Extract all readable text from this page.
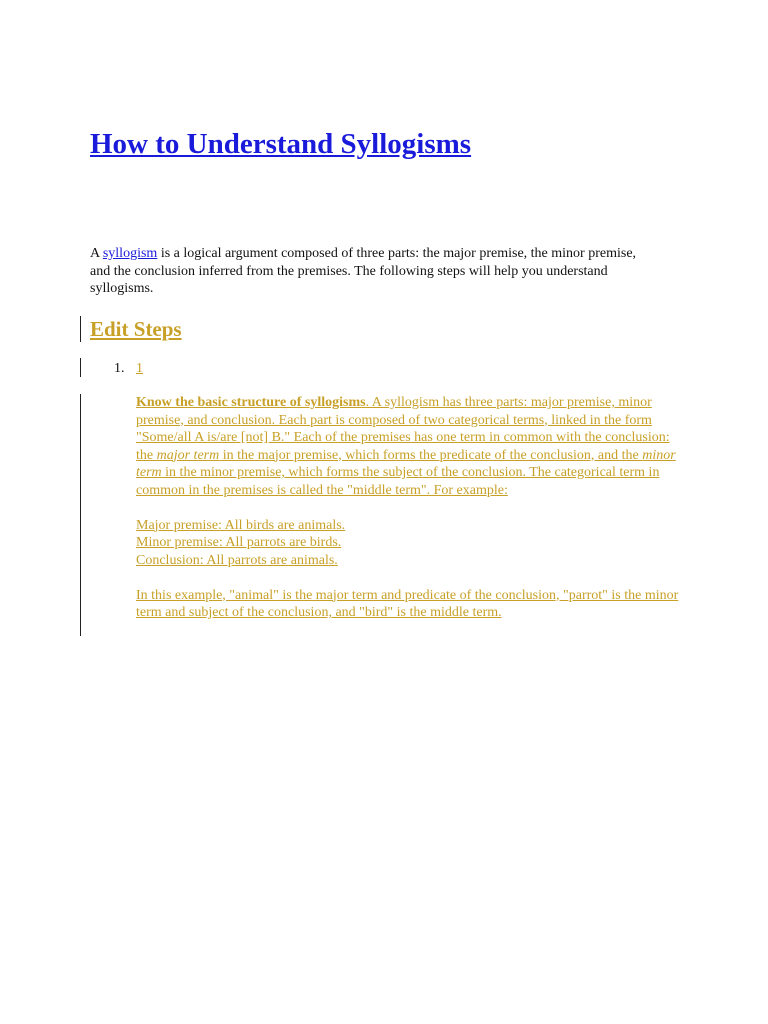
How to Understand Syllogisms

A syllogism is a logical argument composed of three parts: the major premise, the minor premise, and the conclusion inferred from the premises. The following steps will help you understand syllogisms.

Edit Steps
1. 1

Know the basic structure of syllogisms. A syllogism has three parts: major premise, minor premise, and conclusion. Each part is composed of two categorical terms, linked in the form "Some/all A is/are [not] B." Each of the premises has one term in common with the conclusion: the major term in the major premise, which forms the predicate of the conclusion, and the minor term in the minor premise, which forms the subject of the conclusion. The categorical term in common in the premises is called the "middle term". For example:

Major premise: All birds are animals.

Minor premise: All parrots are birds.

Conclusion: All parrots are animals.

In this example, "animal" is the major term and predicate of the conclusion, "parrot" is the minor term and subject of the conclusion, and "bird" is the middle term.
